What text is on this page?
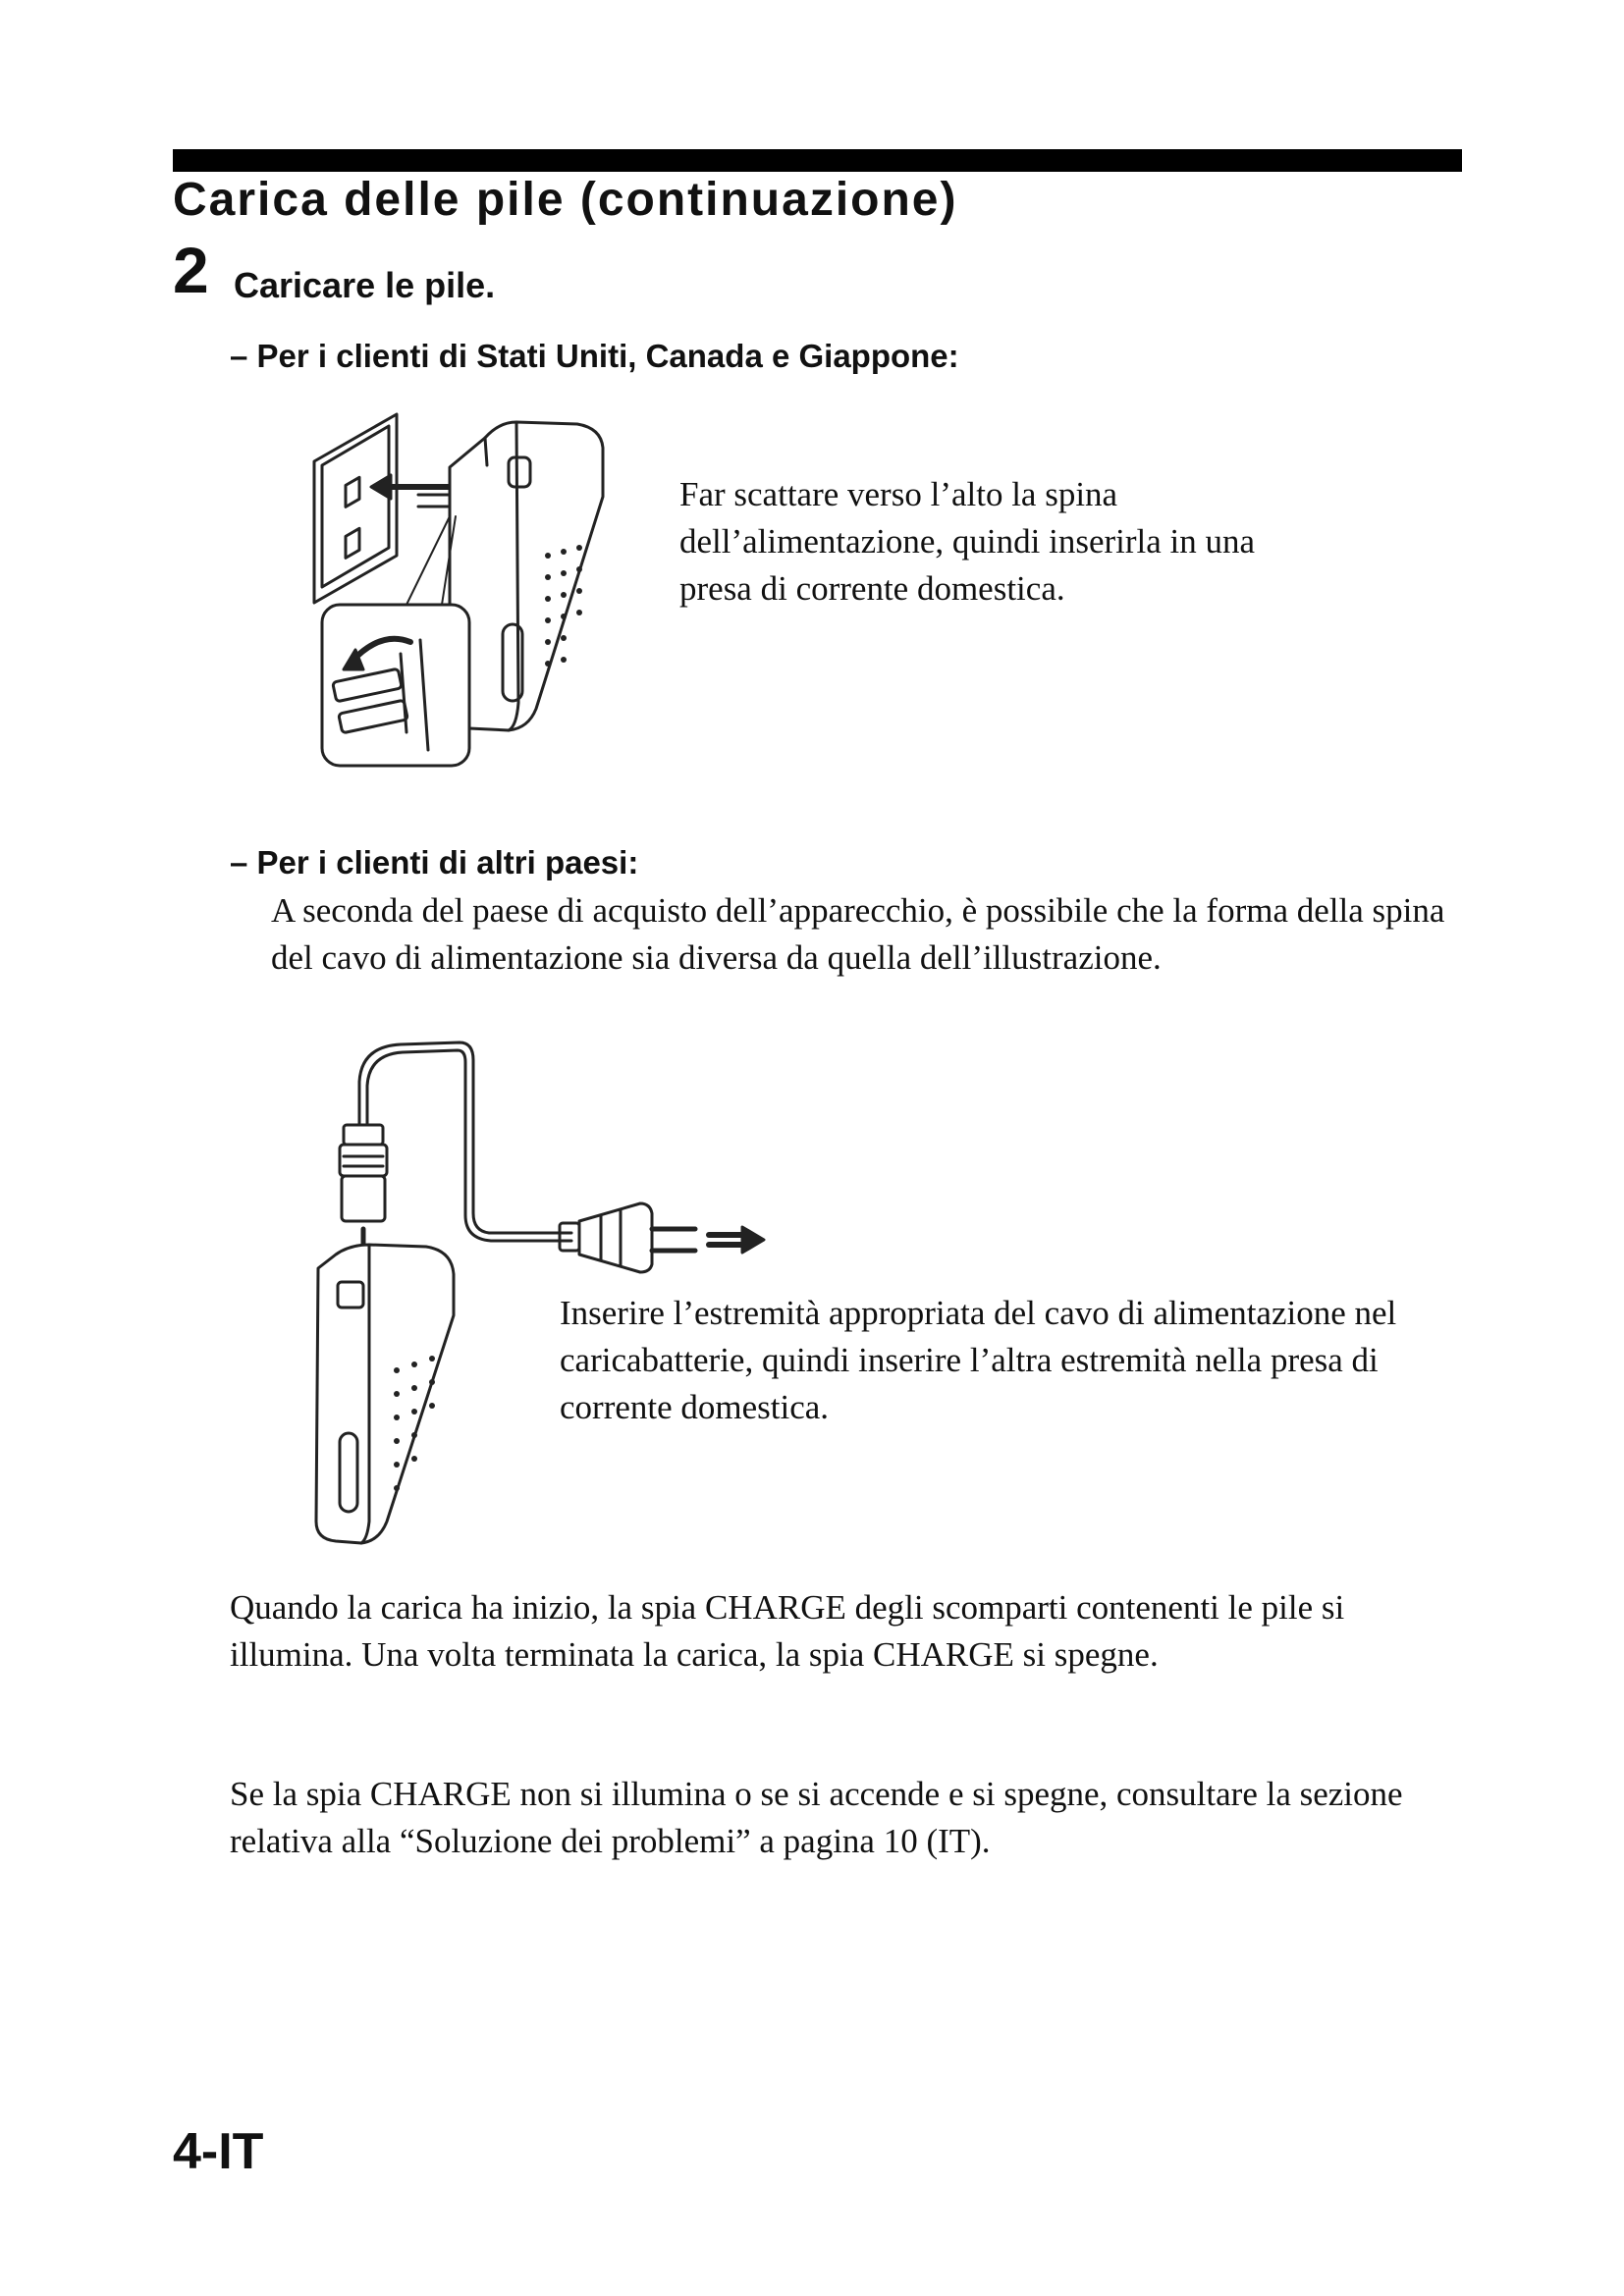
Carica delle pile (continuazione)
2 Caricare le pile.
– Per i clienti di Stati Uniti, Canada e Giappone:
Far scattare verso l’alto la spina dell’alimentazione, quindi inserirla in una presa di corrente domestica.
– Per i clienti di altri paesi:
A seconda del paese di acquisto dell’apparecchio, è possibile che la forma della spina del cavo di alimentazione sia diversa da quella dell’illustrazione.
Inserire l’estremità appropriata del cavo di alimentazione nel caricabatterie, quindi inserire l’altra estremità nella presa di corrente domestica.
Quando la carica ha inizio, la spia CHARGE degli scomparti contenenti le pile si illumina. Una volta terminata la carica, la spia CHARGE si spegne.
Se la spia CHARGE non si illumina o se si accende e si spegne, consultare la sezione relativa alla “Soluzione dei problemi” a pagina 10 (IT).
4-IT
